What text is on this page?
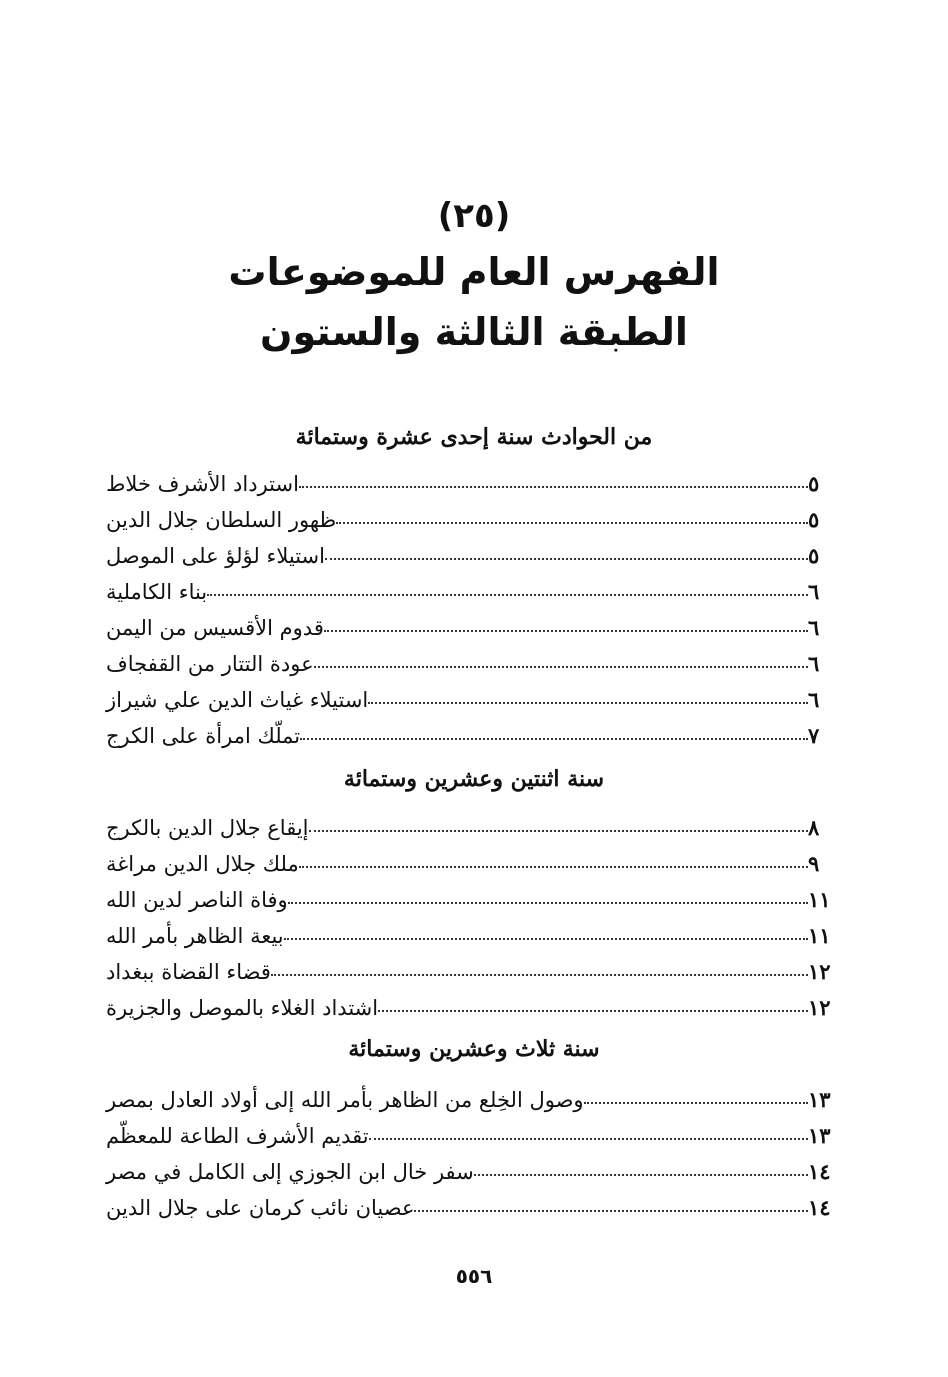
(٢٥)
الفهرس العام للموضوعات
الطبقة الثالثة والستون
من الحوادث سنة إحدى عشرة وستمائة
استرداد الأشرف خلاط	٥
ظهور السلطان جلال الدين	٥
استيلاء لؤلؤ على الموصل	٥
بناء الكاملية	٦
قدوم الأقسيس من اليمن	٦
عودة التتار من القفجاف	٦
استيلاء غياث الدين علي شيراز	٦
تملّك امرأة على الكرج	٧
سنة اثنتين وعشرين وستمائة
إيقاع جلال الدين بالكرج	٨
ملك جلال الدين مراغة	٩
وفاة الناصر لدين الله	١١
بيعة الظاهر بأمر الله	١١
قضاء القضاة ببغداد	١٢
اشتداد الغلاء بالموصل والجزيرة	١٢
سنة ثلاث وعشرين وستمائة
وصول الخِلع من الظاهر بأمر الله إلى أولاد العادل بمصر	١٣
تقديم الأشرف الطاعة للمعظّم	١٣
سفر خال ابن الجوزي إلى الكامل في مصر	١٤
عصيان نائب كرمان على جلال الدين	١٤
٥٥٦
